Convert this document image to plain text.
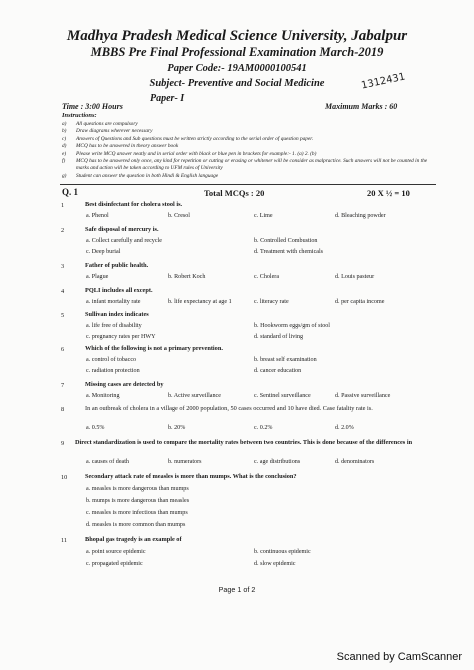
Madhya Pradesh Medical Science University, Jabalpur
MBBS Pre Final Professional Examination March-2019
Paper Code:- 19AM0000100541
Subject- Preventive and Social Medicine
Paper- I
1312431
Time : 3:00 Hours	Maximum Marks : 60
Instructions:
a)	All questions are compulsory
b)	Draw diagrams wherever necessary
c)	Answers of Questions and Sub questions must be written strictly according to the serial order of question paper.
d)	MCQ has to be answered in theory answer book
e)	Please write MCQ answer neatly and in serial order with black or blue pen in brackets for example:- 1. (a) 2. (b)
f)	MCQ has to be answered only once, any kind for repetition or cutting or erasing or whitener will be consider as malpractice. Such answers will not be counted in the marks and action will be taken according to UFM rules of University
g)	Student can answer the question in both Hindi & English language
Q. 1	Total MCQs : 20	20 X ½ = 10
1	Best disinfectant for cholera stool is.
a. Phenol	b. Cresol	c. Lime	d. Bleaching powder
2	Safe disposal of mercury is.
a. Collect carefully and recycle	b. Controlled Combustion
c. Deep burial	d. Treatment with chemicals
3	Father of public health.
a. Plague	b. Robert Koch	c. Cholera	d. Louis pasteur
4	PQLI includes all except.
a. infant mortality rate	b. life expectancy at age 1	c. literacy rate	d. per capita income
5	Sullivan index indicates
a. life free of disability	b. Hookworm eggs/gm of stool
c. pregnancy rates per HWY	d. standard of living
6	Which of the following is not a primary prevention.
a. control of tobacco	b. breast self examination
c. radiation protection	d. cancer education
7	Missing cases are detected by
a. Monitoring	b. Active surveillance	c. Sentinel surveillance	d. Passive surveillance
8	In an outbreak of cholera in a village of 2000 population, 50 cases occurred and 10 have died. Case fatality rate is.
a. 0.5%	b. 20%	c. 0.2%	d. 2.0%
9 Direct standardization is used to compare the mortality rates between two countries. This is done because of the differences in
a. causes of death	b. numerators	c. age distributions	d. denominators
10	Secondary attack rate of measles is more than mumps. What is the conclusion?
a. measles is more dangerous than mumps
b. mumps is more dangerous than measles
c. measles is more infectious than mumps
d. measles is more common than mumps
11	Bhopal gas tragedy is an example of
a. point source epidemic	b. continuous epidemic
c. propagated epidemic	d. slow epidemic
Page 1 of 2
Scanned by CamScanner
